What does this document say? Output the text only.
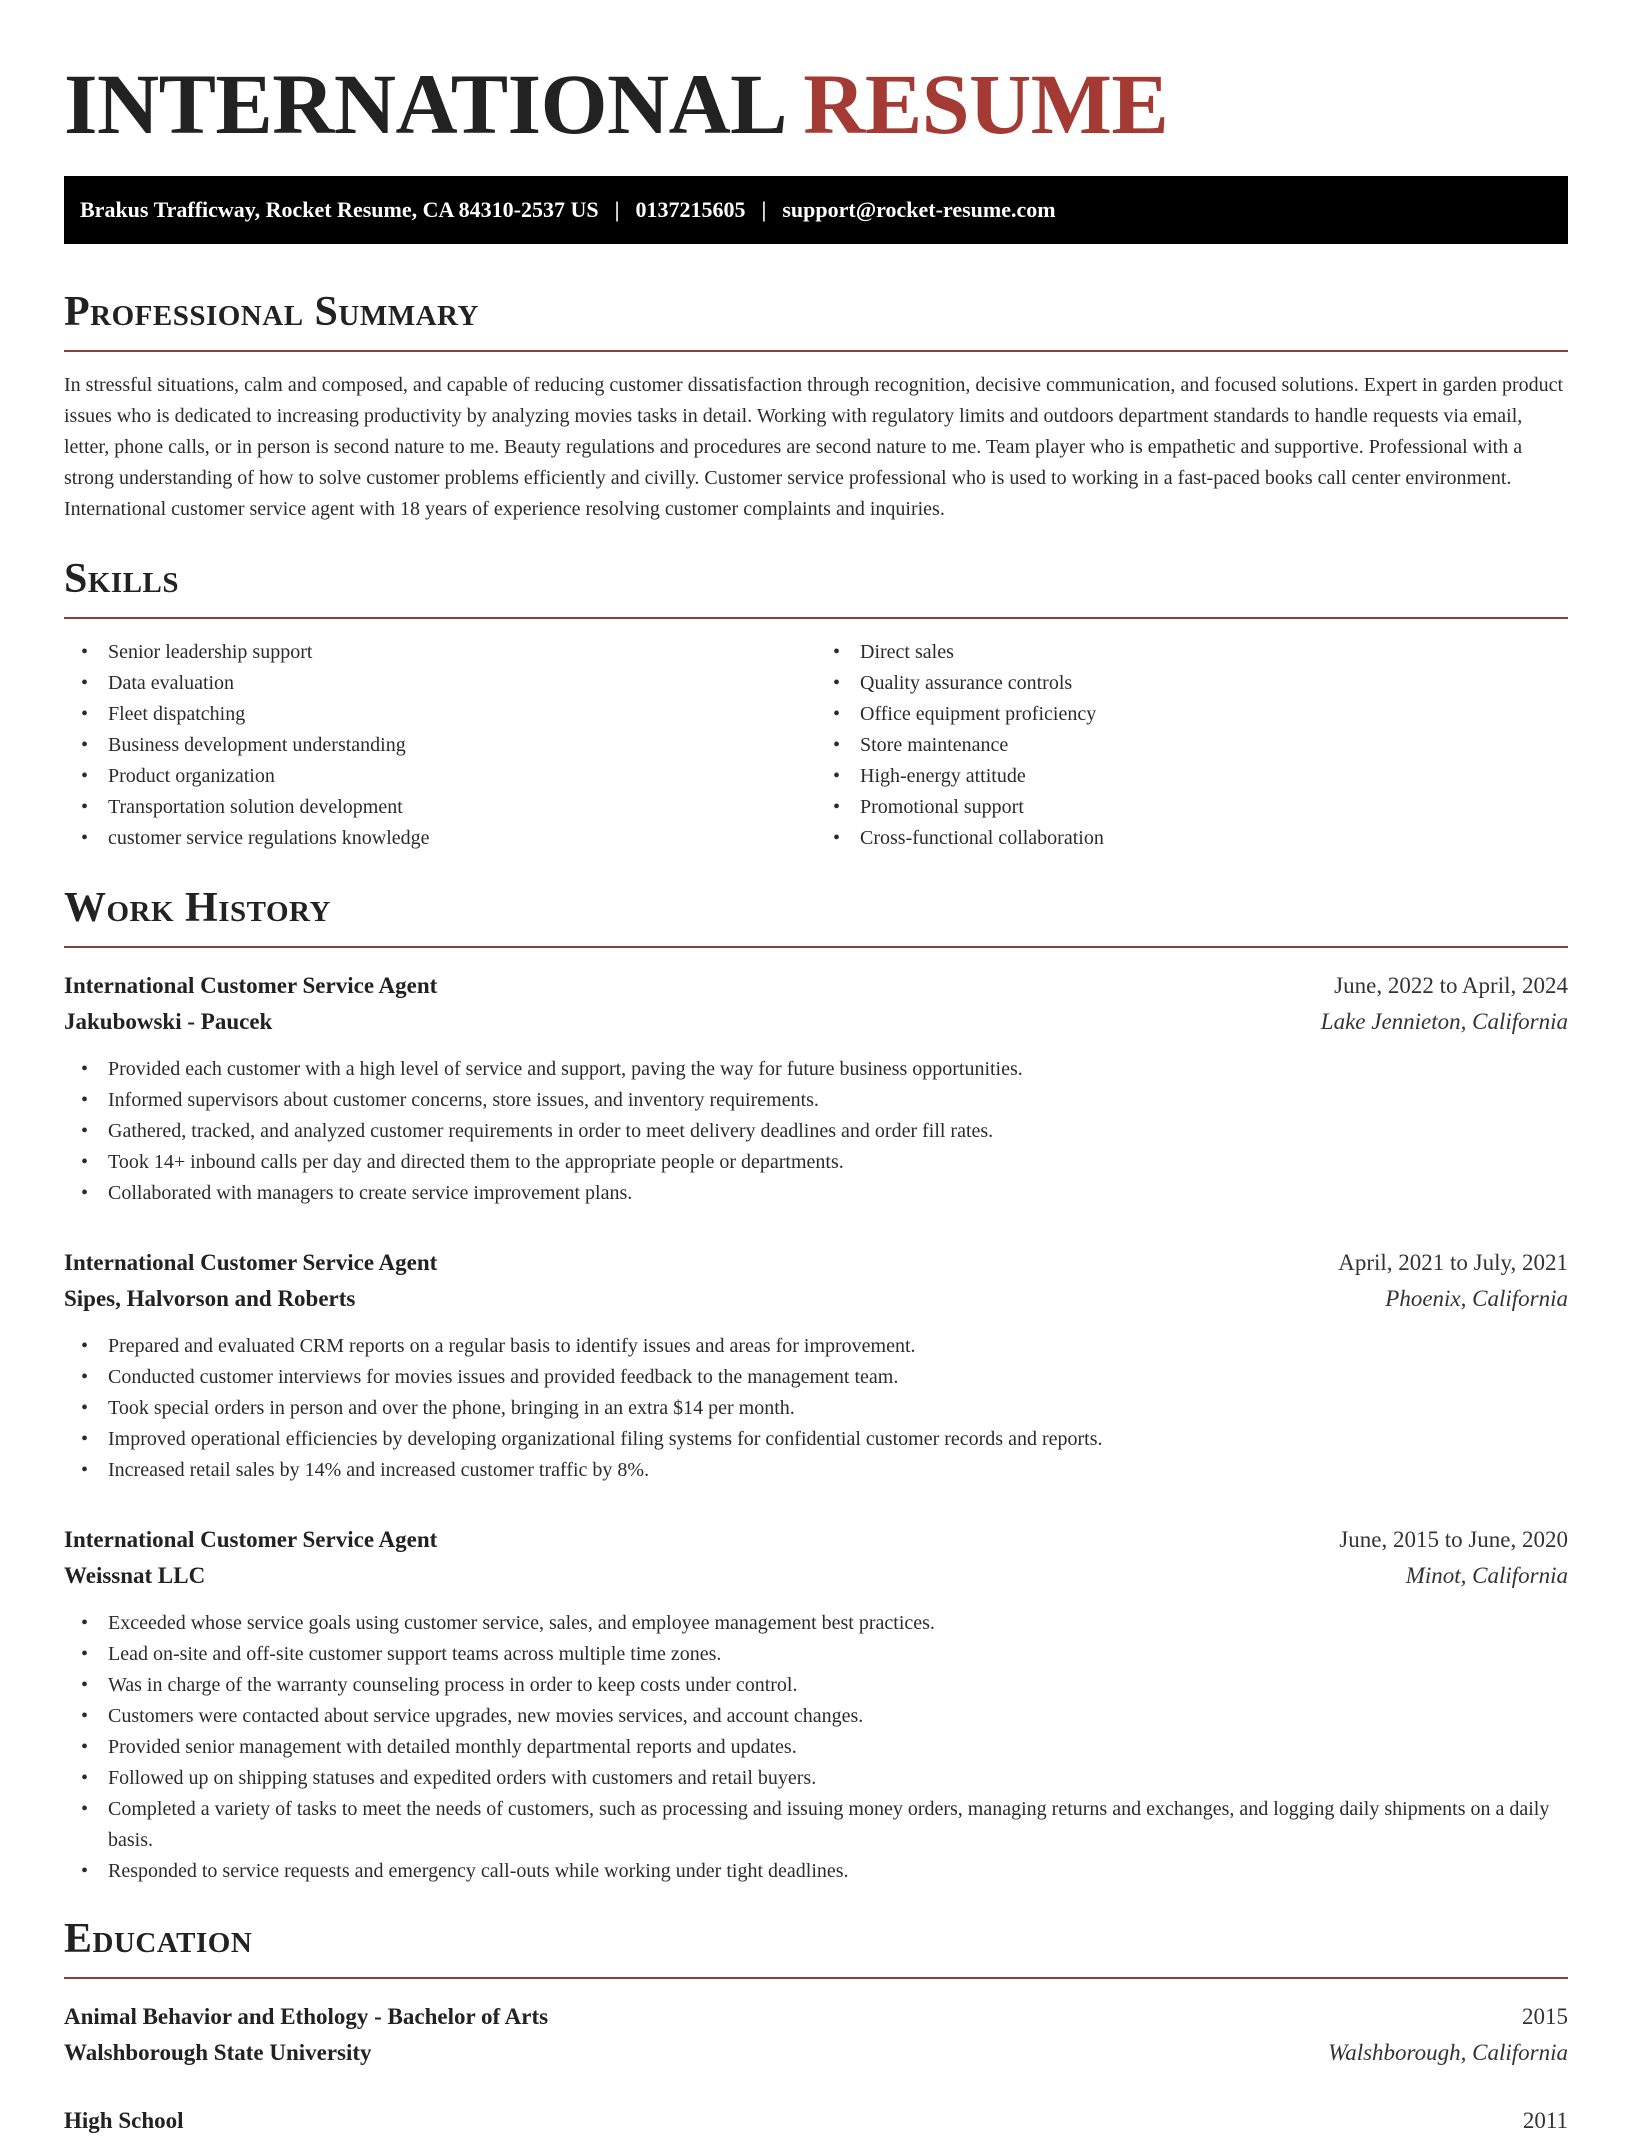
INTERNATIONAL RESUME
Brakus Trafficway, Rocket Resume, CA 84310-2537 US | 0137215605 | support@rocket-resume.com
Professional Summary

In stressful situations, calm and composed, and capable of reducing customer dissatisfaction through recognition, decisive communication, and focused solutions. Expert in garden product issues who is dedicated to increasing productivity by analyzing movies tasks in detail. Working with regulatory limits and outdoors department standards to handle requests via email, letter, phone calls, or in person is second nature to me. Beauty regulations and procedures are second nature to me. Team player who is empathetic and supportive. Professional with a strong understanding of how to solve customer problems efficiently and civilly. Customer service professional who is used to working in a fast-paced books call center environment. International customer service agent with 18 years of experience resolving customer complaints and inquiries.

Skills
• Senior leadership support
• Data evaluation
• Fleet dispatching
• Business development understanding
• Product organization
• Transportation solution development
• customer service regulations knowledge
• Direct sales
• Quality assurance controls
• Office equipment proficiency
• Store maintenance
• High-energy attitude
• Promotional support
• Cross-functional collaboration
Work History
International Customer Service Agent	June, 2022 to April, 2024
Jakubowski - Paucek	Lake Jennieton, California
• Provided each customer with a high level of service and support, paving the way for future business opportunities.
• Informed supervisors about customer concerns, store issues, and inventory requirements.
• Gathered, tracked, and analyzed customer requirements in order to meet delivery deadlines and order fill rates.
• Took 14+ inbound calls per day and directed them to the appropriate people or departments.
• Collaborated with managers to create service improvement plans.
International Customer Service Agent	April, 2021 to July, 2021
Sipes, Halvorson and Roberts	Phoenix, California
• Prepared and evaluated CRM reports on a regular basis to identify issues and areas for improvement.
• Conducted customer interviews for movies issues and provided feedback to the management team.
• Took special orders in person and over the phone, bringing in an extra $14 per month.
• Improved operational efficiencies by developing organizational filing systems for confidential customer records and reports.
• Increased retail sales by 14% and increased customer traffic by 8%.
International Customer Service Agent	June, 2015 to June, 2020
Weissnat LLC	Minot, California
• Exceeded whose service goals using customer service, sales, and employee management best practices.
• Lead on-site and off-site customer support teams across multiple time zones.
• Was in charge of the warranty counseling process in order to keep costs under control.
• Customers were contacted about service upgrades, new movies services, and account changes.
• Provided senior management with detailed monthly departmental reports and updates.
• Followed up on shipping statuses and expedited orders with customers and retail buyers.
• Completed a variety of tasks to meet the needs of customers, such as processing and issuing money orders, managing returns and exchanges, and logging daily shipments on a daily basis.
• Responded to service requests and emergency call-outs while working under tight deadlines.
Education
Animal Behavior and Ethology - Bachelor of Arts	2015
Walshborough State University	Walshborough, California
High School	2011
